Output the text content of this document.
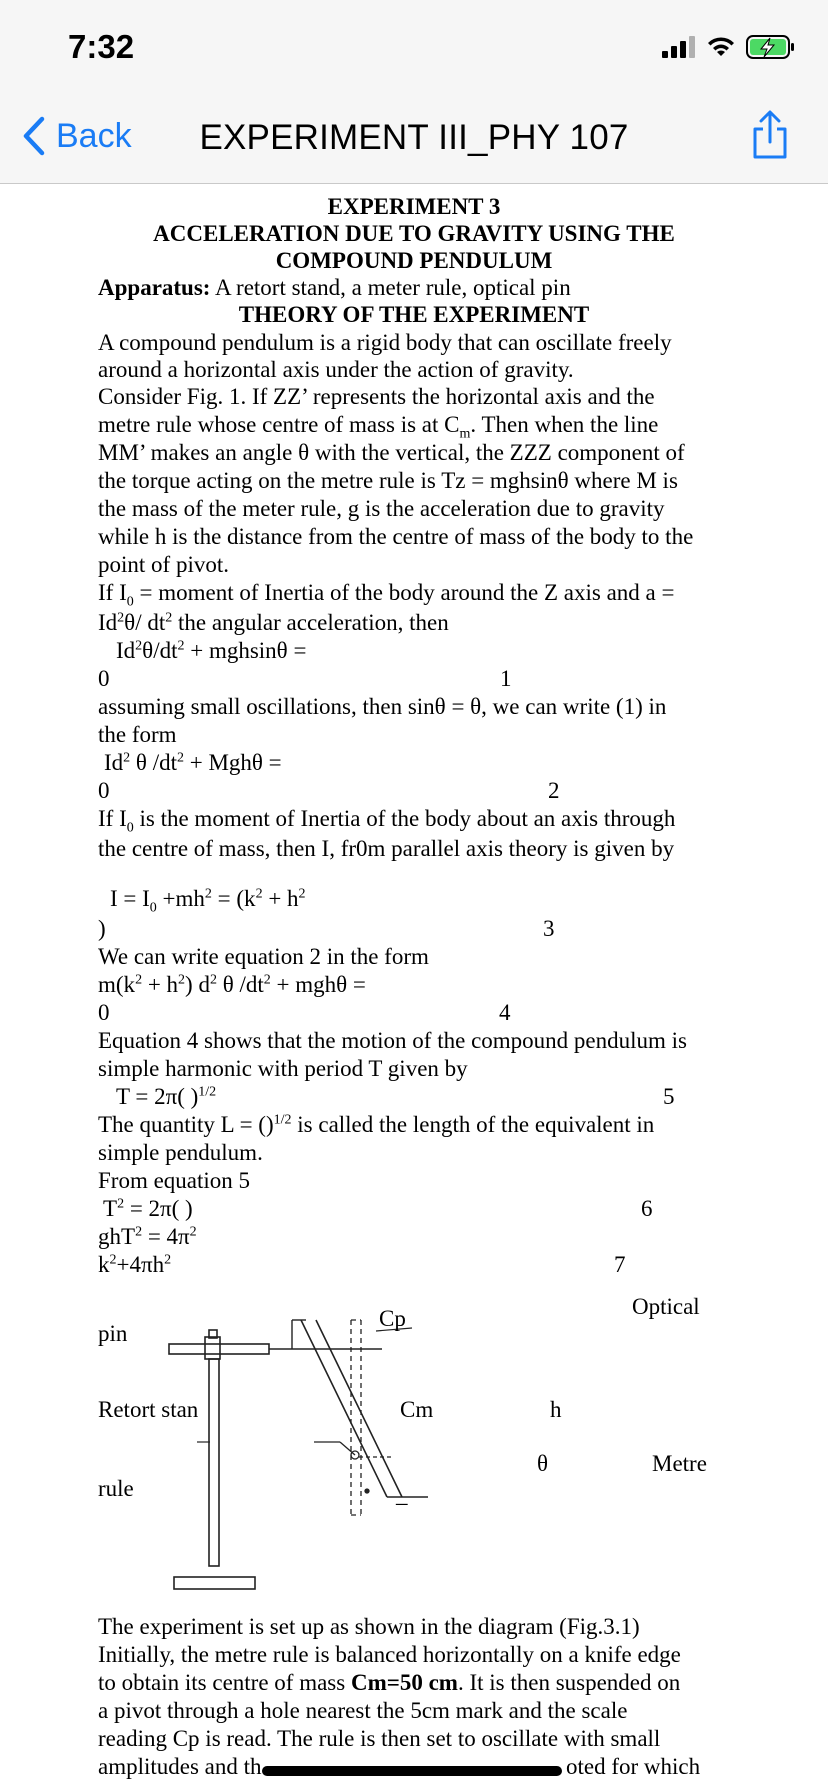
7:32
Back	EXPERIMENT III_PHY 107
EXPERIMENT 3
ACCELERATION DUE TO GRAVITY USING THE
COMPOUND PENDULUM
Apparatus: A retort stand, a meter rule, optical pin
THEORY OF THE EXPERIMENT
A compound pendulum is a rigid body that can oscillate freely
around a horizontal axis under the action of gravity.
Consider Fig. 1. If ZZ’ represents the horizontal axis and the
metre rule whose centre of mass is at $C_m$. Then when the line
MM’ makes an angle θ with the vertical, the ZZZ component of
the torque acting on the metre rule is Tz = mghsinθ where M is
the mass of the meter rule, g is the acceleration due to gravity
while h is the distance from the centre of mass of the body to the
point of pivot.
If $I_0$ = moment of Inertia of the body around the Z axis and a =
$Id^2\theta/$ $dt^2$ the angular acceleration, then
$Id^2\theta/dt^2 + mghsin\theta$ =
0	1
assuming small oscillations, then sinθ = θ, we can write (1) in
the form
Id$^2$ θ $/dt^2 + Mgh\theta$ =
0	2
If $I_0$ is the moment of Inertia of the body about an axis through
the centre of mass, then I, fr0m parallel axis theory is given by
$I = I_0 +mh^2 = (k^2 + h^2$
)	3
We can write equation 2 in the form
$m(k^2 + h^2)$ $d^2$ θ $/dt^2 + mgh\theta$ =
0	4
Equation 4 shows that the motion of the compound pendulum is
simple harmonic with period T given by
T = 2π( )$^{1/2}$	5
The quantity L = ()$^{1/2}$ is called the length of the equivalent in
simple pendulum.
From equation 5
$T^2 = 2\pi$( )	6
$ghT^2 = 4\pi^2$
$k^2+4\pi h^2$	7
Optical
pin
Cp
Retort stan	Cm	h
θ	Metre
rule	_
The experiment is set up as shown in the diagram (Fig.3.1)
Initially, the metre rule is balanced horizontally on a knife edge
to obtain its centre of mass Cm=50 cm. It is then suspended on
a pivot through a hole nearest the 5cm mark and the scale
reading Cp is read. The rule is then set to oscillate with small
amplitudes and th	oted for which
